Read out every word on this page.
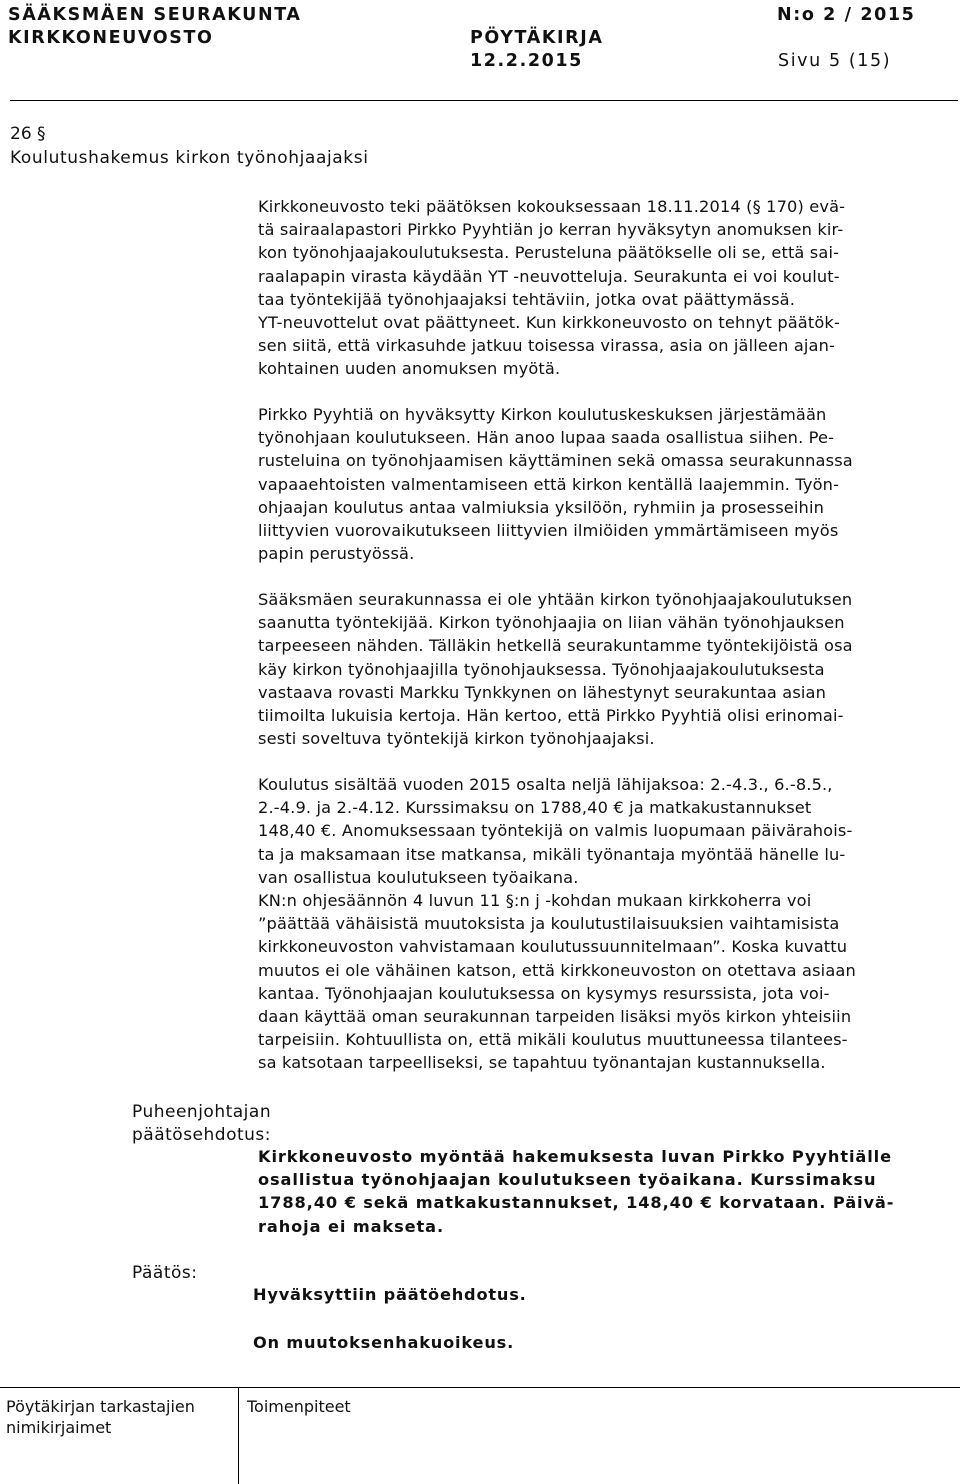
SÄÄKSMÄEN SEURAKUNTA
KIRKKONEUVOSTO	PÖYTÄKIRJA
12.2.2015
N:o 2 / 2015
Sivu 5 (15)
26 §
Koulutushakemus kirkon työnohjaajaksi
Kirkkoneuvosto teki päätöksen kokouksessaan 18.11.2014 (§ 170) evä-
tä sairaalapastori Pirkko Pyyhtiän jo kerran hyväksytyn anomuksen kir-
kon työnohjaajakoulutuksesta. Perusteluna päätökselle oli se, että sai-
raalapapin virasta käydään YT -neuvotteluja. Seurakunta ei voi koulut-
taa työntekijää työnohjaajaksi tehtäviin, jotka ovat päättymässä.
YT-neuvottelut ovat päättyneet. Kun kirkkoneuvosto on tehnyt päätök-
sen siitä, että virkasuhde jatkuu toisessa virassa, asia on jälleen ajan-
kohtainen uuden anomuksen myötä.
Pirkko Pyyhtiä on hyväksytty Kirkon koulutuskeskuksen järjestämään
työnohjaan koulutukseen. Hän anoo lupaa saada osallistua siihen. Pe-
rusteluina on työnohjaamisen käyttäminen sekä omassa seurakunnassa
vapaaehtoisten valmentamiseen että kirkon kentällä laajemmin. Työn-
ohjaajan koulutus antaa valmiuksia yksilöön, ryhmiin ja prosesseihin
liittyvien vuorovaikutukseen liittyvien ilmiöiden ymmärtämiseen myös
papin perustyössä.
Sääksmäen seurakunnassa ei ole yhtään kirkon työnohjaajakoulutuksen
saanutta työntekijää. Kirkon työnohjaajia on liian vähän työnohjauksen
tarpeeseen nähden. Tälläkin hetkellä seurakuntamme työntekijöistä osa
käy kirkon työnohjaajilla työnohjauksessa. Työnohjaajakoulutuksesta
vastaava rovasti Markku Tynkkynen on lähestynyt seurakuntaa asian
tiimoilta lukuisia kertoja. Hän kertoo, että Pirkko Pyyhtiä olisi erinomai-
sesti soveltuva työntekijä kirkon työnohjaajaksi.
Koulutus sisältää vuoden 2015 osalta neljä lähijaksoa: 2.-4.3., 6.-8.5.,
2.-4.9. ja 2.-4.12. Kurssimaksu on 1788,40 € ja matkakustannukset
148,40 €. Anomuksessaan työntekijä on valmis luopumaan päivärahois-
ta ja maksamaan itse matkansa, mikäli työnantaja myöntää hänelle lu-
van osallistua koulutukseen työaikana.
KN:n ohjesäännön 4 luvun 11 §:n j -kohdan mukaan kirkkoherra voi
”päättää vähäisistä muutoksista ja koulutustilaisuuksien vaihtamisista
kirkkoneuvoston vahvistamaan koulutussuunnitelmaan”. Koska kuvattu
muutos ei ole vähäinen katson, että kirkkoneuvoston on otettava asiaan
kantaa. Työnohjaajan koulutuksessa on kysymys resurssista, jota voi-
daan käyttää oman seurakunnan tarpeiden lisäksi myös kirkon yhteisiin
tarpeisiin. Kohtuullista on, että mikäli koulutus muuttuneessa tilantees-
sa katsotaan tarpeelliseksi, se tapahtuu työnantajan kustannuksella.
Puheenjohtajan
päätösehdotus:
Kirkkoneuvosto myöntää hakemuksesta luvan Pirkko Pyyhtiälle
osallistua työnohjaajan koulutukseen työaikana. Kurssimaksu
1788,40 € sekä matkakustannukset, 148,40 € korvataan. Päivä-
rahoja ei makseta.
Päätös:
Hyväksyttiin päätöehdotus.
On muutoksenhakuoikeus.
Pöytäkirjan tarkastajien
nimikirjaimet
Toimenpiteet
